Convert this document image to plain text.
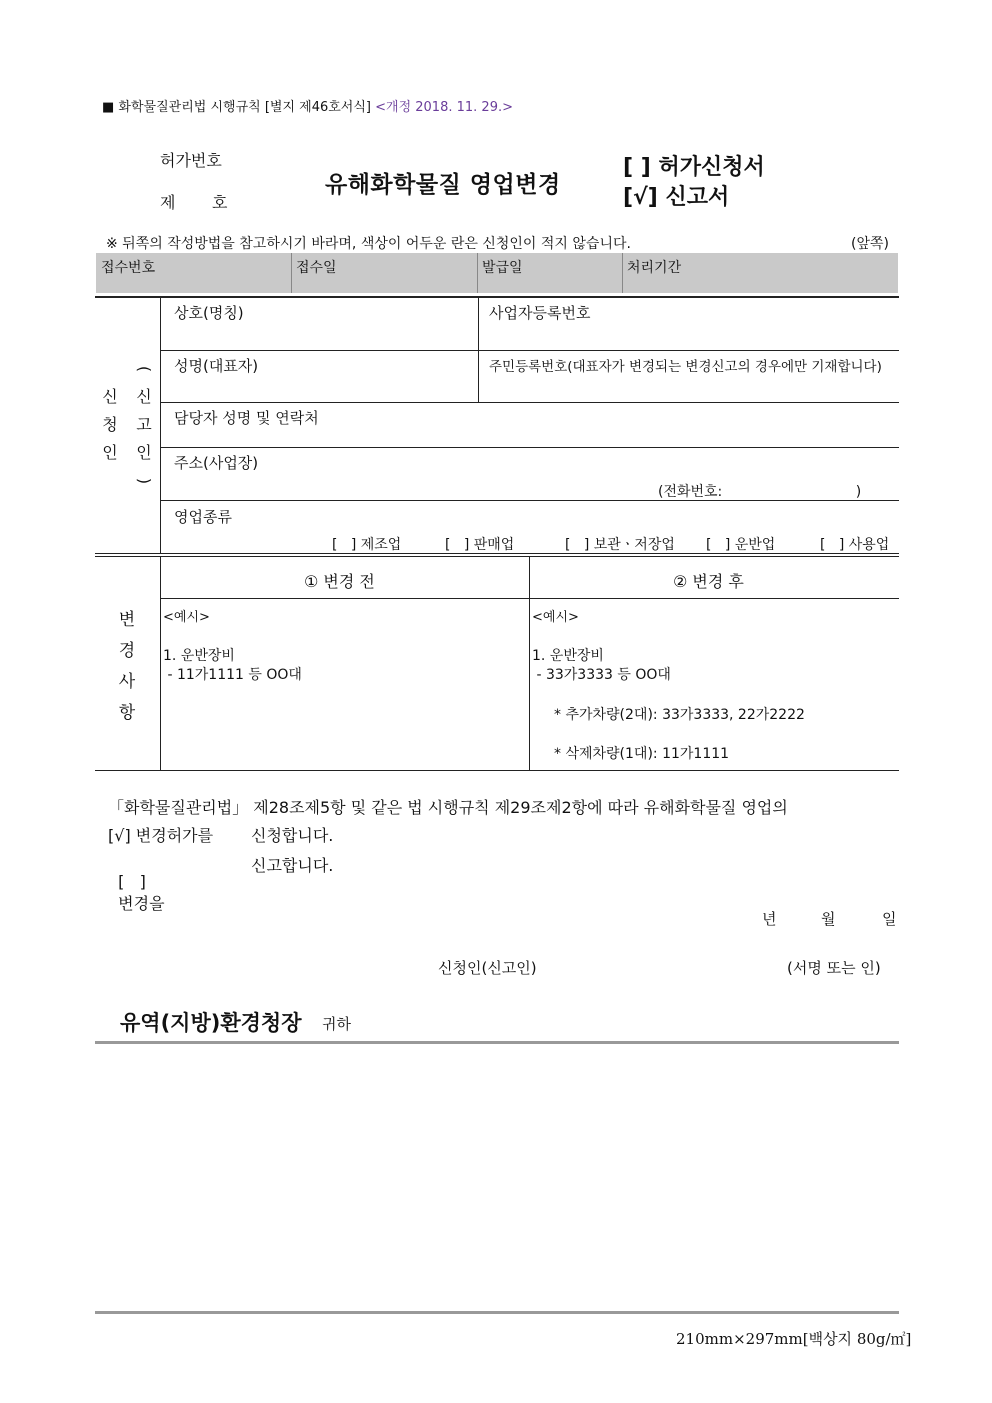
■ 화학물질관리법 시행규칙 [별지 제46호서식] <개정 2018. 11. 29.>
허가번호
제 호
유해화학물질 영업변경
[ ] 허가신청서
[√] 신고서
※ 뒤쪽의 작성방법을 참고하시기 바라며, 색상이 어두운 란은 신청인이 적지 않습니다.	(앞쪽)
접수번호	접수일	발급일	처리기간
신
청
인
(
신
고
인
)
상호(명칭)	사업자등록번호
성명(대표자)	주민등록번호(대표자가 변경되는 변경신고의 경우에만 기재합니다)
담당자 성명 및 연락처
주소(사업장)
(전화번호:                              )
영업종류
[   ] 제조업	[   ] 판매업	[   ] 보관ㆍ저장업 [   ] 운반업	[   ] 사용업
변
경
사
항
① 변경 전	② 변경 후
<예시>
1. 운반장비
- 11가1111 등 OO대
<예시>
1. 운반장비
- 33가3333 등 OO대
* 추가차량(2대): 33가3333, 22가2222
* 삭제차량(1대): 11가1111
「화학물질관리법」 제28조제5항 및 같은 법 시행규칙 제29조제2항에 따라 유해화학물질 영업의
[√] 변경허가를 신청합니다.

[   ]
변경을

신고합니다.
년	월	일
신청인(신고인)	(서명 또는 인)
유역(지방)환경청장 귀하
210mm×297mm[백상지 80g/㎡]
